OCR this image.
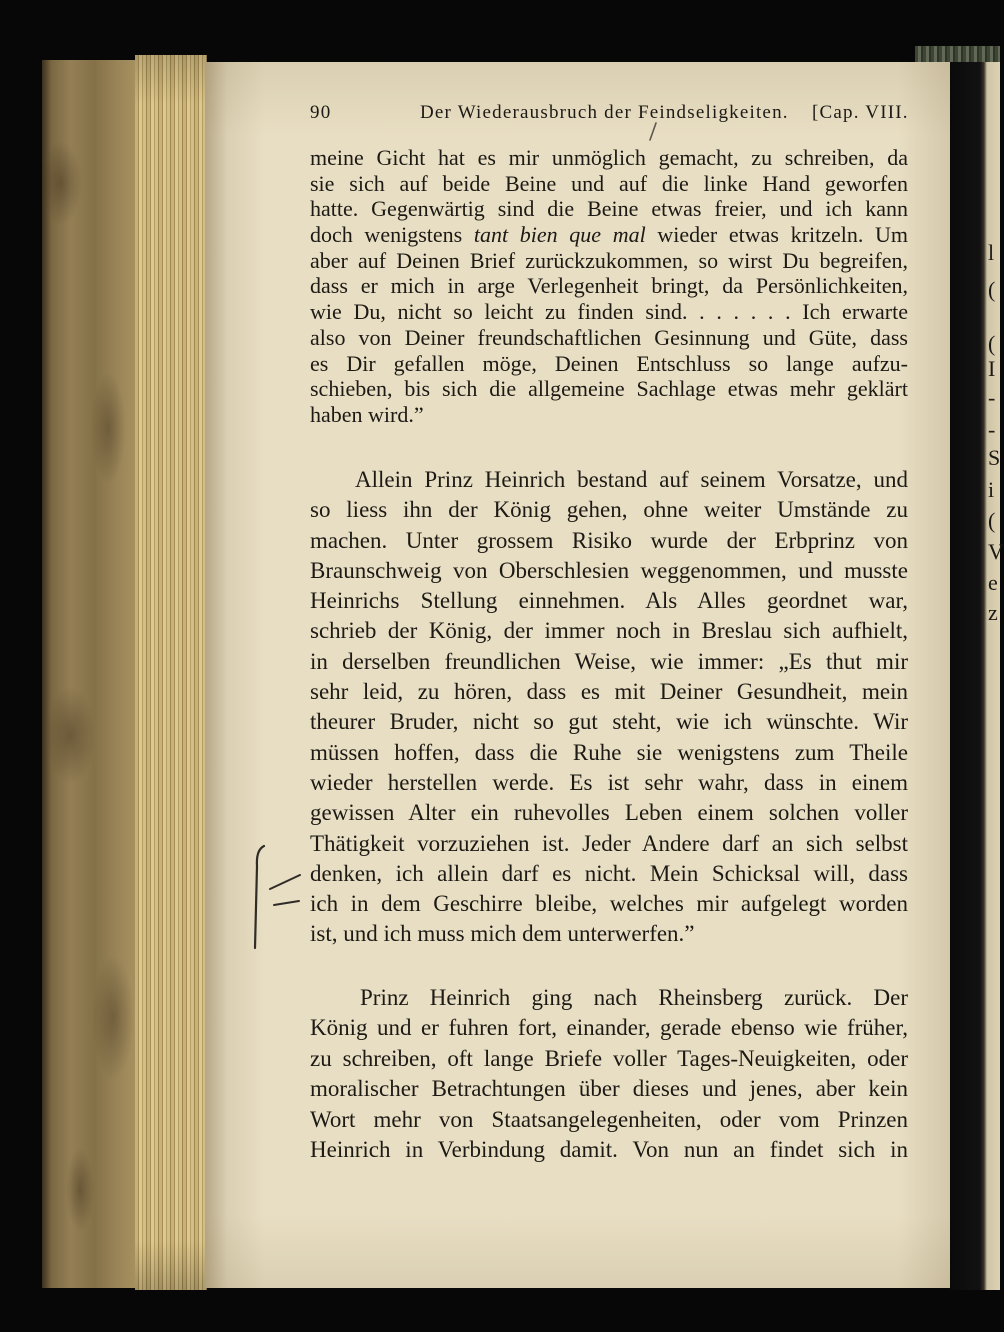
l
(
(
I
-
-
S
i
(
V
e
z
90	Der Wiederausbruch der Feindseligkeiten. [Cap. VIII.
meine Gicht hat es mir unmöglich gemacht, zu schreiben, da
sie sich auf beide Beine und auf die linke Hand geworfen
hatte. Gegenwärtig sind die Beine etwas freier, und ich kann
doch wenigstens tant bien que mal wieder etwas kritzeln. Um
aber auf Deinen Brief zurückzukommen, so wirst Du begreifen,
dass er mich in arge Verlegenheit bringt, da Persönlichkeiten,
wie Du, nicht so leicht zu finden sind. . . . . . . Ich erwarte
also von Deiner freundschaftlichen Gesinnung und Güte, dass
es Dir gefallen möge, Deinen Entschluss so lange aufzu-
schieben, bis sich die allgemeine Sachlage etwas mehr geklärt
haben wird.”
Allein Prinz Heinrich bestand auf seinem Vorsatze, und
so liess ihn der König gehen, ohne weiter Umstände zu
machen. Unter grossem Risiko wurde der Erbprinz von
Braunschweig von Oberschlesien weggenommen, und musste
Heinrichs Stellung einnehmen. Als Alles geordnet war,
schrieb der König, der immer noch in Breslau sich aufhielt,
in derselben freundlichen Weise, wie immer: „Es thut mir
sehr leid, zu hören, dass es mit Deiner Gesundheit, mein
theurer Bruder, nicht so gut steht, wie ich wünschte. Wir
müssen hoffen, dass die Ruhe sie wenigstens zum Theile
wieder herstellen werde. Es ist sehr wahr, dass in einem
gewissen Alter ein ruhevolles Leben einem solchen voller
Thätigkeit vorzuziehen ist. Jeder Andere darf an sich selbst
denken, ich allein darf es nicht. Mein Schicksal will, dass
ich in dem Geschirre bleibe, welches mir aufgelegt worden
ist, und ich muss mich dem unterwerfen.”
Prinz Heinrich ging nach Rheinsberg zurück. Der
König und er fuhren fort, einander, gerade ebenso wie früher,
zu schreiben, oft lange Briefe voller Tages-Neuigkeiten, oder
moralischer Betrachtungen über dieses und jenes, aber kein
Wort mehr von Staatsangelegenheiten, oder vom Prinzen
Heinrich in Verbindung damit. Von nun an findet sich in
